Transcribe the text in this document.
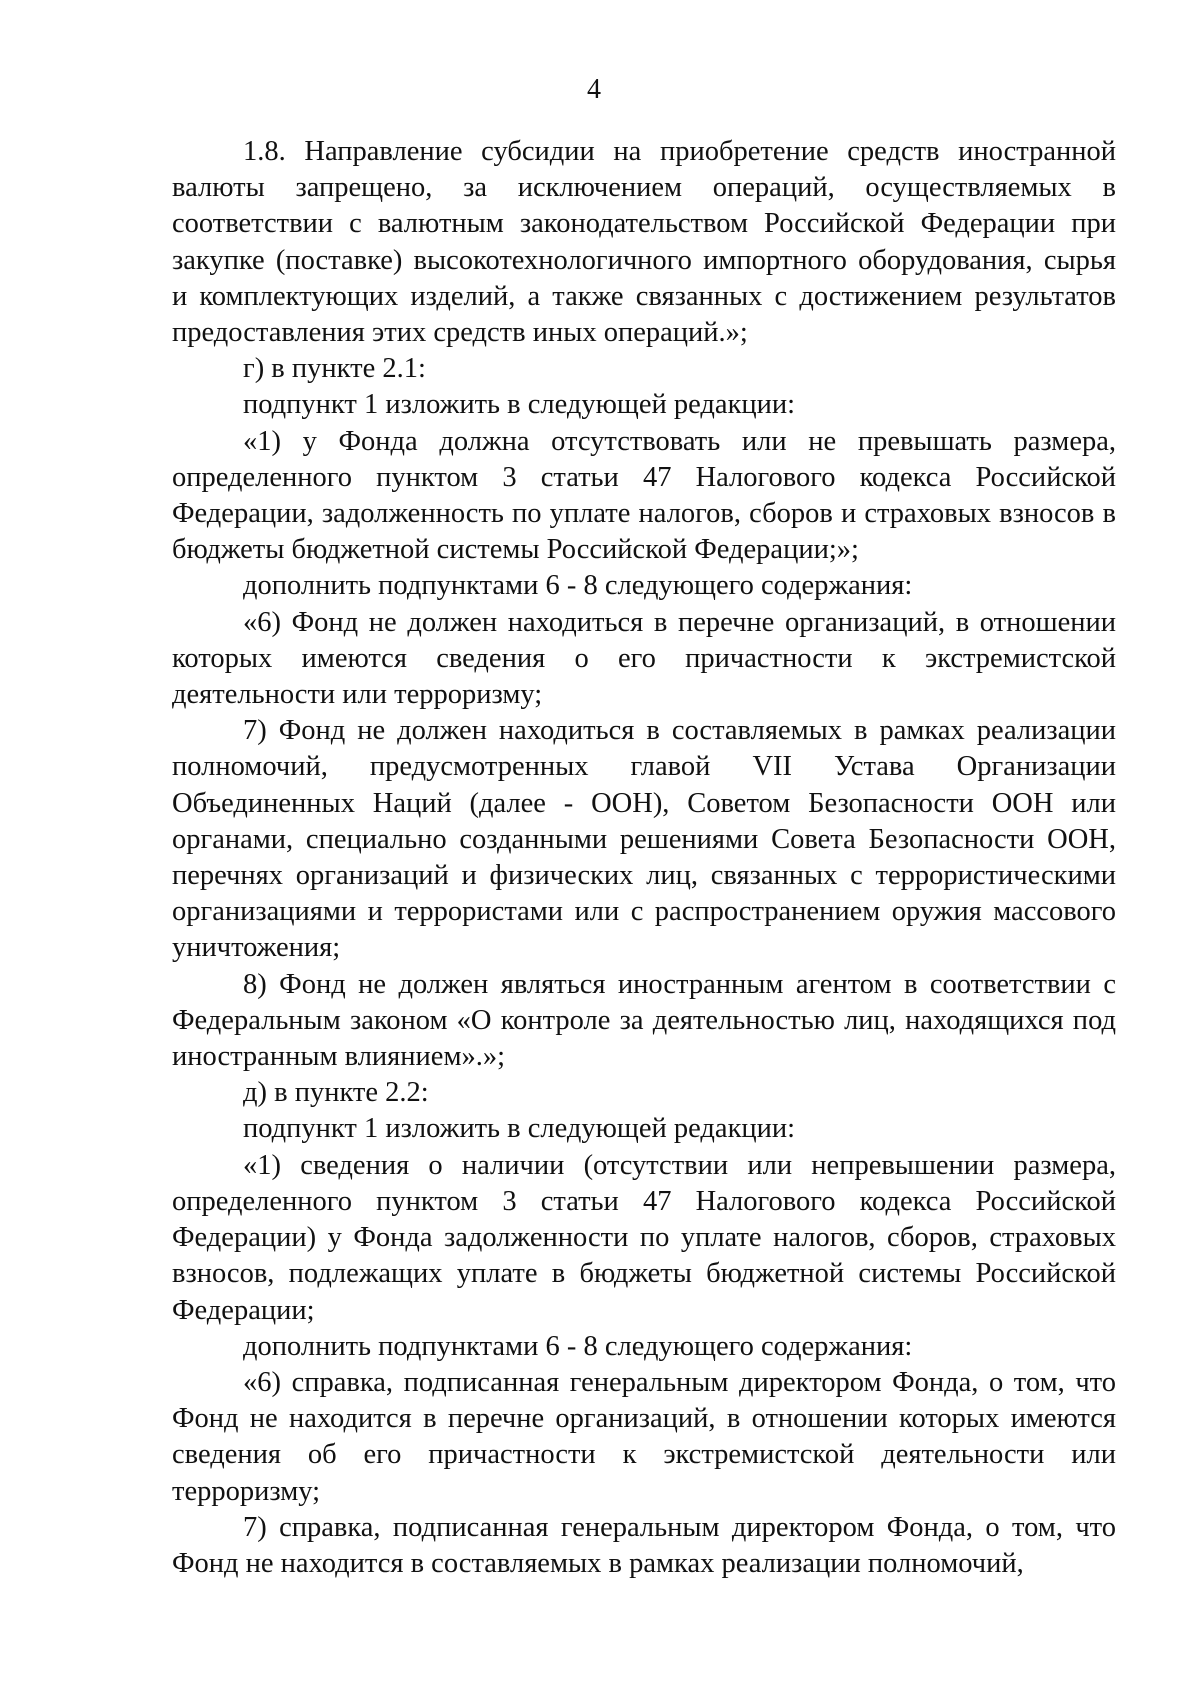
4

1.8. Направление субсидии на приобретение средств иностранной валюты запрещено, за исключением операций, осуществляемых в соответствии с валютным законодательством Российской Федерации при закупке (поставке) высокотехнологичного импортного оборудования, сырья и комплектующих изделий, а также связанных с достижением результатов предоставления этих средств иных операций.»;

г) в пункте 2.1:

подпункт 1 изложить в следующей редакции:

«1) у Фонда должна отсутствовать или не превышать размера, определенного пунктом 3 статьи 47 Налогового кодекса Российской Федерации, задолженность по уплате налогов, сборов и страховых взносов в бюджеты бюджетной системы Российской Федерации;»;

дополнить подпунктами 6 - 8 следующего содержания:

«6) Фонд не должен находиться в перечне организаций, в отношении которых имеются сведения о его причастности к экстремистской деятельности или терроризму;

7) Фонд не должен находиться в составляемых в рамках реализации полномочий, предусмотренных главой VII Устава Организации Объединенных Наций (далее - ООН), Советом Безопасности ООН или органами, специально созданными решениями Совета Безопасности ООН, перечнях организаций и физических лиц, связанных с террористическими организациями и террористами или с распространением оружия массового уничтожения;

8) Фонд не должен являться иностранным агентом в соответствии с Федеральным законом «О контроле за деятельностью лиц, находящихся под иностранным влиянием».»;

д) в пункте 2.2:

подпункт 1 изложить в следующей редакции:

«1) сведения о наличии (отсутствии или непревышении размера, определенного пунктом 3 статьи 47 Налогового кодекса Российской Федерации) у Фонда задолженности по уплате налогов, сборов, страховых взносов, подлежащих уплате в бюджеты бюджетной системы Российской Федерации;

дополнить подпунктами 6 - 8 следующего содержания:

«6) справка, подписанная генеральным директором Фонда, о том, что Фонд не находится в перечне организаций, в отношении которых имеются сведения об его причастности к экстремистской деятельности или терроризму;

7) справка, подписанная генеральным директором Фонда, о том, что Фонд не находится в составляемых в рамках реализации полномочий,
